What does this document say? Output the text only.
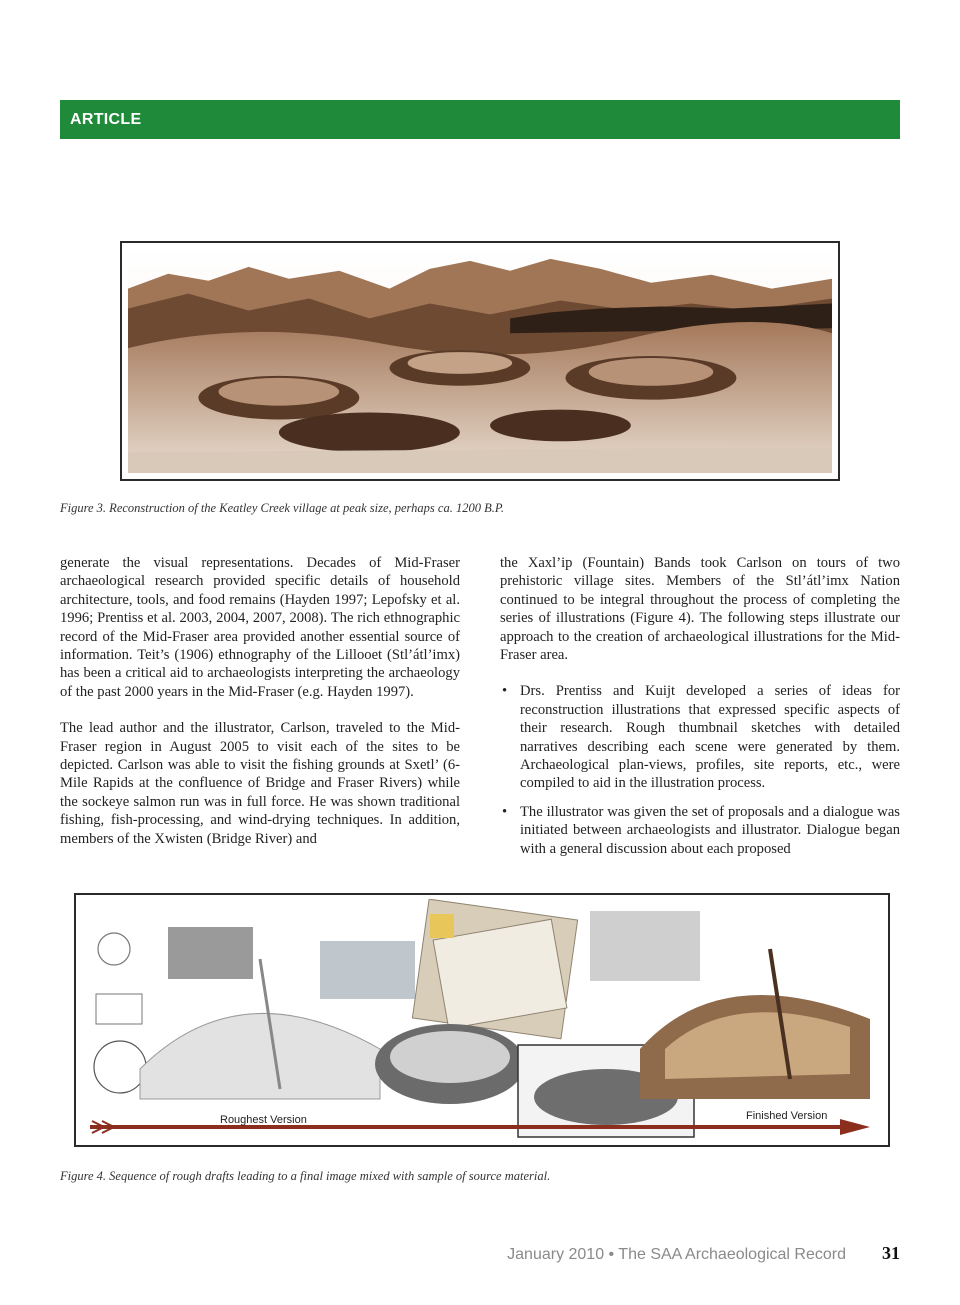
ARTICLE
Figure 3. Reconstruction of the Keatley Creek village at peak size, perhaps ca. 1200 B.P.

generate the visual representations. Decades of Mid-Fraser archaeological research provided specific details of household architecture, tools, and food remains (Hayden 1997; Lepofsky et al. 1996; Prentiss et al. 2003, 2004, 2007, 2008). The rich ethnographic record of the Mid-Fraser area provided another essential source of information. Teit’s (1906) ethnography of the Lillooet (Stl’átl’imx) has been a critical aid to archaeologists interpreting the archaeology of the past 2000 years in the Mid-Fraser (e.g. Hayden 1997).

The lead author and the illustrator, Carlson, traveled to the Mid-Fraser region in August 2005 to visit each of the sites to be depicted. Carlson was able to visit the fishing grounds at Sxetl’ (6-Mile Rapids at the confluence of Bridge and Fraser Rivers) while the sockeye salmon run was in full force. He was shown traditional fishing, fish-processing, and wind-drying techniques. In addition, members of the Xwisten (Bridge River) and

the Xaxl’ip (Fountain) Bands took Carlson on tours of two prehistoric village sites. Members of the Stl’átl’imx Nation continued to be integral throughout the process of completing the series of illustrations (Figure 4). The following steps illustrate our approach to the creation of archaeological illustrations for the Mid-Fraser area.

• Drs. Prentiss and Kuijt developed a series of ideas for reconstruction illustrations that expressed specific aspects of their research. Rough thumbnail sketches with detailed narratives describing each scene were generated by them. Archaeological plan-views, profiles, site reports, etc., were compiled to aid in the illustration process.
• The illustrator was given the set of proposals and a dialogue was initiated between archaeologists and illustrator. Dialogue began with a general discussion about each proposed
Roughest Version	Finished Version
Figure 4. Sequence of rough drafts leading to a final image mixed with sample of source material.
January 2010 • The SAA Archaeological Record 31
